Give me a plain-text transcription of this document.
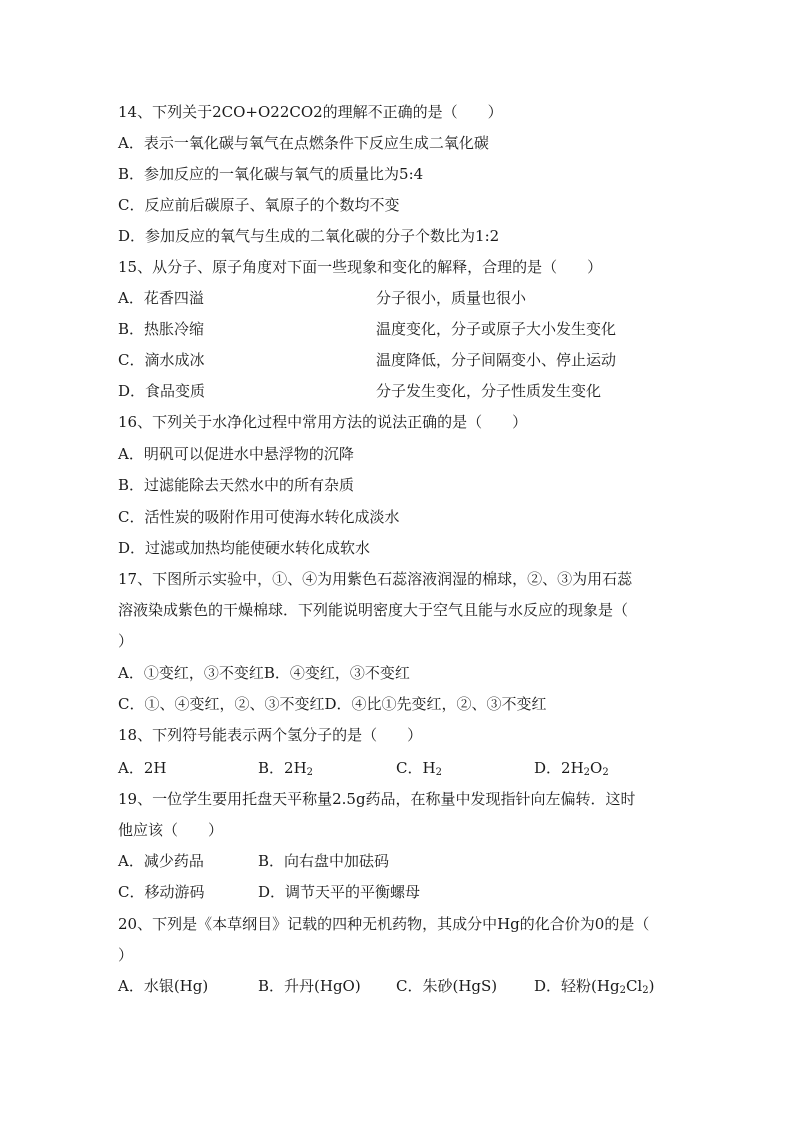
14、下列关于2CO+O22CO2的理解不正确的是（　　）
A．表示一氧化碳与氧气在点燃条件下反应生成二氧化碳
B．参加反应的一氧化碳与氧气的质量比为5:4
C．反应前后碳原子、氧原子的个数均不变
D．参加反应的氧气与生成的二氧化碳的分子个数比为1:2
15、从分子、原子角度对下面一些现象和变化的解释，合理的是（　　）
A．花香四溢	分子很小，质量也很小
B．热胀冷缩	温度变化，分子或原子大小发生变化
C．滴水成冰	温度降低，分子间隔变小、停止运动
D．食品变质	分子发生变化，分子性质发生变化
16、下列关于水净化过程中常用方法的说法正确的是（　　）
A．明矾可以促进水中悬浮物的沉降
B．过滤能除去天然水中的所有杂质
C．活性炭的吸附作用可使海水转化成淡水
D．过滤或加热均能使硬水转化成软水
17、下图所示实验中，①、④为用紫色石蕊溶液润湿的棉球，②、③为用石蕊
溶液染成紫色的干燥棉球．下列能说明密度大于空气且能与水反应的现象是（
）
A．①变红，③不变红B．④变红，③不变红
C．①、④变红，②、③不变红D．④比①先变红，②、③不变红
18、下列符号能表示两个氢分子的是（　　）
A．2H	B．$2H_2$	C．$H_2$	D．$2H_2O_2$
19、一位学生要用托盘天平称量2.5g药品，在称量中发现指针向左偏转．这时
他应该（　　）
A．减少药品	B．向右盘中加砝码
C．移动游码	D．调节天平的平衡螺母
20、下列是《本草纲目》记载的四种无机药物，其成分中Hg的化合价为0的是（
）
A．水银(Hg)	B．升丹(HgO) C．朱砂(HgS) D．轻粉$(Hg_2Cl_2)$
